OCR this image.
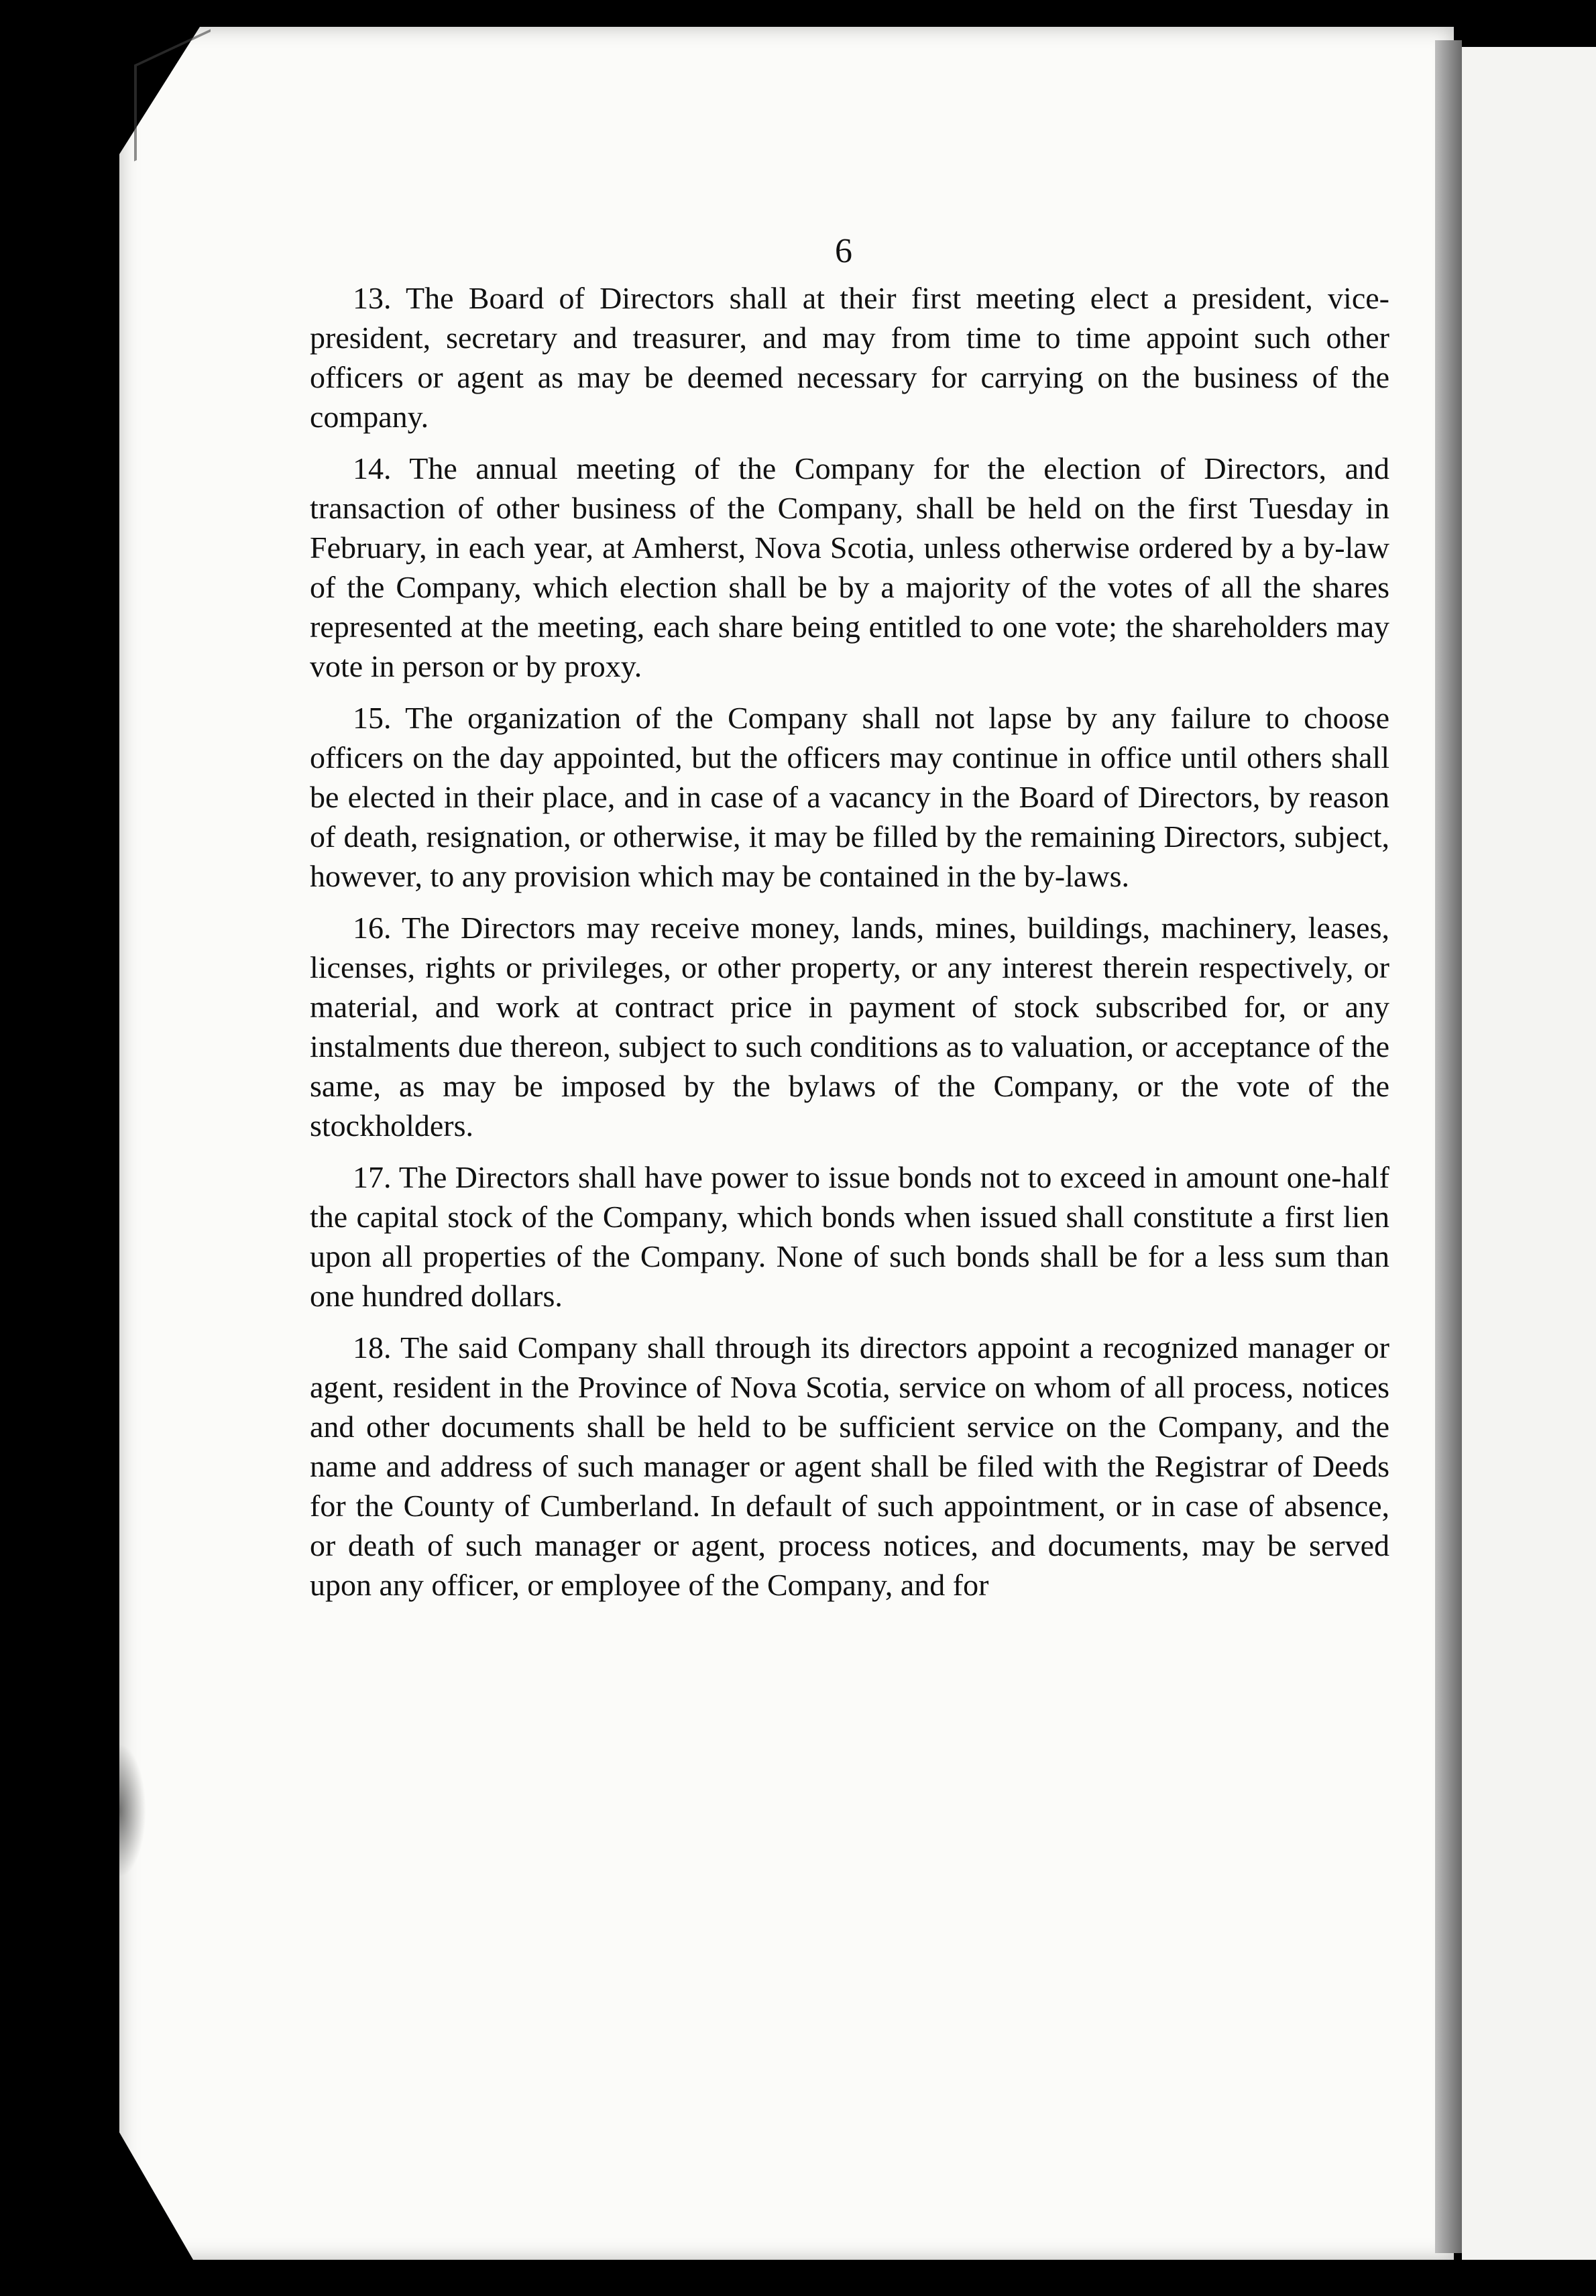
6

13. The Board of Directors shall at their first meeting elect a president, vice-president, secretary and treasurer, and may from time to time appoint such other officers or agent as may be deemed necessary for carrying on the business of the company.

14. The annual meeting of the Company for the election of Directors, and transaction of other business of the Company, shall be held on the first Tuesday in February, in each year, at Amherst, Nova Scotia, unless otherwise ordered by a by-law of the Company, which election shall be by a majority of the votes of all the shares represented at the meeting, each share being entitled to one vote; the shareholders may vote in person or by proxy.

15. The organization of the Company shall not lapse by any failure to choose officers on the day appointed, but the officers may continue in office until others shall be elected in their place, and in case of a vacancy in the Board of Directors, by reason of death, resignation, or otherwise, it may be filled by the remaining Directors, subject, however, to any provision which may be contained in the by-laws.

16. The Directors may receive money, lands, mines, buildings, machinery, leases, licenses, rights or privileges, or other property, or any interest therein respectively, or material, and work at contract price in payment of stock subscribed for, or any instalments due thereon, subject to such conditions as to valuation, or acceptance of the same, as may be imposed by the bylaws of the Company, or the vote of the stockholders.

17. The Directors shall have power to issue bonds not to exceed in amount one-half the capital stock of the Company, which bonds when issued shall constitute a first lien upon all properties of the Company. None of such bonds shall be for a less sum than one hundred dollars.

18. The said Company shall through its directors appoint a recognized manager or agent, resident in the Province of Nova Scotia, service on whom of all process, notices and other documents shall be held to be sufficient service on the Company, and the name and address of such manager or agent shall be filed with the Registrar of Deeds for the County of Cumberland. In default of such appointment, or in case of absence, or death of such manager or agent, process notices, and documents, may be served upon any officer, or employee of the Company, and for
